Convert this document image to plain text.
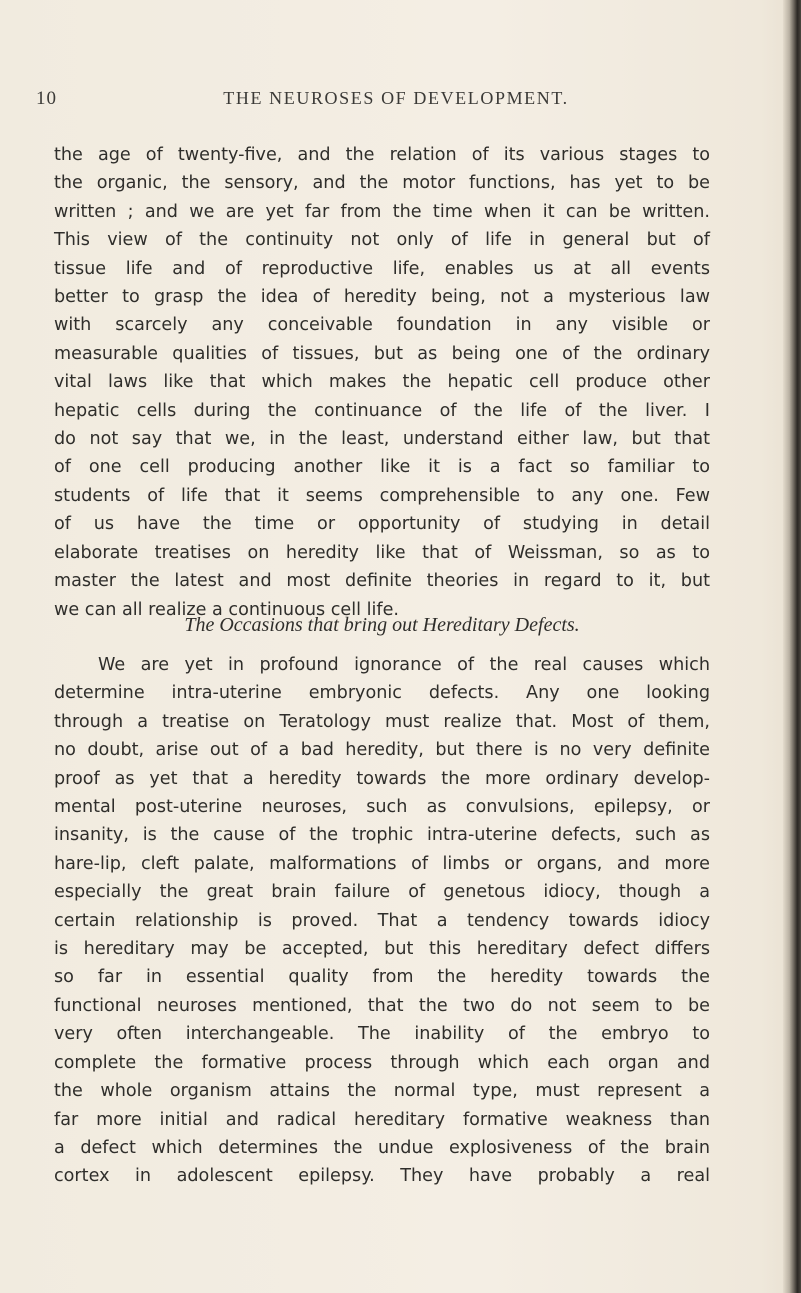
10	THE NEUROSES OF DEVELOPMENT.
the age of twenty-five, and the relation of its various stages to
the organic, the sensory, and the motor functions, has yet to be
written ; and we are yet far from the time when it can be written.
This view of the continuity not only of life in general but of
tissue life and of reproductive life, enables us at all events
better to grasp the idea of heredity being, not a mysterious law
with scarcely any conceivable foundation in any visible or
measurable qualities of tissues, but as being one of the ordinary
vital laws like that which makes the hepatic cell produce other
hepatic cells during the continuance of the life of the liver. I
do not say that we, in the least, understand either law, but that
of one cell producing another like it is a fact so familiar to
students of life that it seems comprehensible to any one. Few
of us have the time or opportunity of studying in detail
elaborate treatises on heredity like that of Weissman, so as to
master the latest and most definite theories in regard to it, but
we can all realize a continuous cell life.
The Occasions that bring out Hereditary Defects.
We are yet in profound ignorance of the real causes which
determine intra-uterine embryonic defects. Any one looking
through a treatise on Teratology must realize that. Most of them,
no doubt, arise out of a bad heredity, but there is no very definite
proof as yet that a heredity towards the more ordinary develop-
mental post-uterine neuroses, such as convulsions, epilepsy, or
insanity, is the cause of the trophic intra-uterine defects, such as
hare-lip, cleft palate, malformations of limbs or organs, and more
especially the great brain failure of genetous idiocy, though a
certain relationship is proved. That a tendency towards idiocy
is hereditary may be accepted, but this hereditary defect differs
so far in essential quality from the heredity towards the
functional neuroses mentioned, that the two do not seem to be
very often interchangeable. The inability of the embryo to
complete the formative process through which each organ and
the whole organism attains the normal type, must represent a
far more initial and radical hereditary formative weakness than
a defect which determines the undue explosiveness of the brain
cortex in adolescent epilepsy. They have probably a real
